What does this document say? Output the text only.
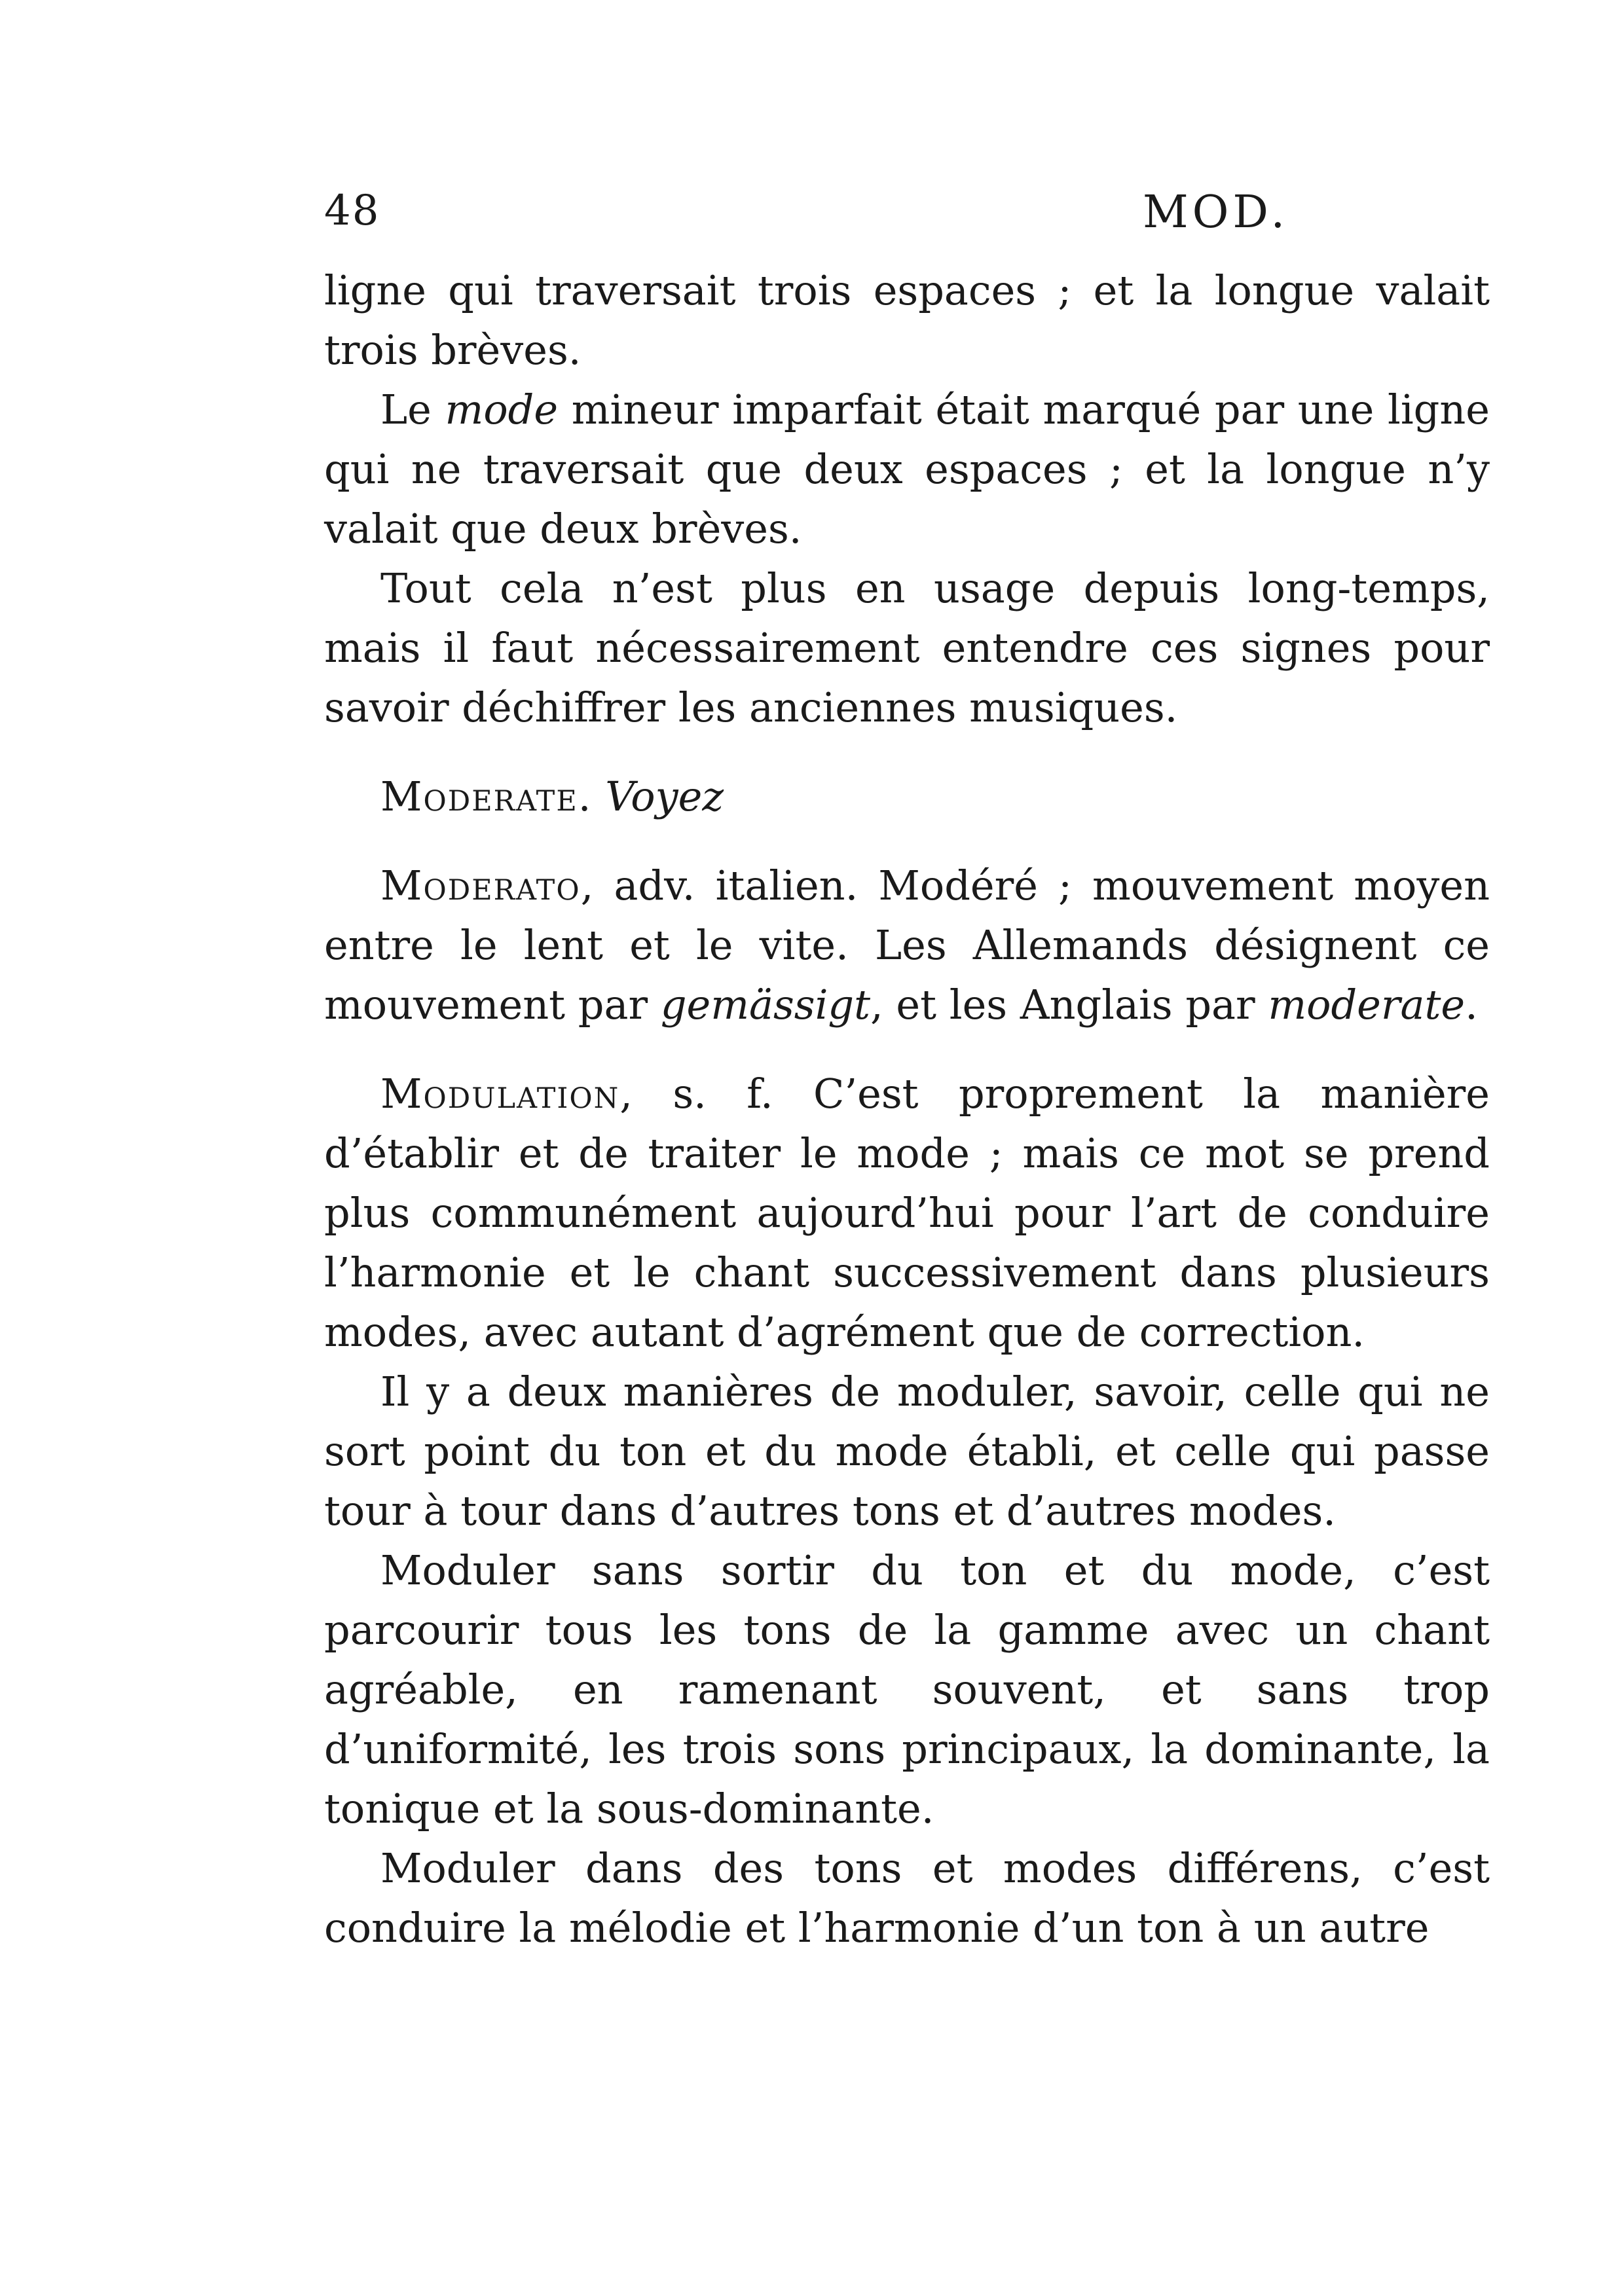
48	MOD.

ligne qui traversait trois espaces ; et la longue valait trois brèves.

Le mode mineur imparfait était marqué par une ligne qui ne traversait que deux espaces ; et la longue n’y valait que deux brèves.

Tout cela n’est plus en usage depuis long-temps, mais il faut nécessairement entendre ces signes pour savoir déchiffrer les anciennes musiques.

Moderate. Voyez

Moderato, adv. italien. Modéré ; mouvement moyen entre le lent et le vite. Les Allemands désignent ce mouvement par gemässigt, et les Anglais par moderate.

Modulation, s. f. C’est proprement la manière d’établir et de traiter le mode ; mais ce mot se prend plus communément aujourd’hui pour l’art de conduire l’harmonie et le chant successivement dans plusieurs modes, avec autant d’agrément que de correction.

Il y a deux manières de moduler, savoir, celle qui ne sort point du ton et du mode établi, et celle qui passe tour à tour dans d’autres tons et d’autres modes.

Moduler sans sortir du ton et du mode, c’est parcourir tous les tons de la gamme avec un chant agréable, en ramenant souvent, et sans trop d’uniformité, les trois sons principaux, la dominante, la tonique et la sous-dominante.

Moduler dans des tons et modes différens, c’est conduire la mélodie et l’harmonie d’un ton à un autre
